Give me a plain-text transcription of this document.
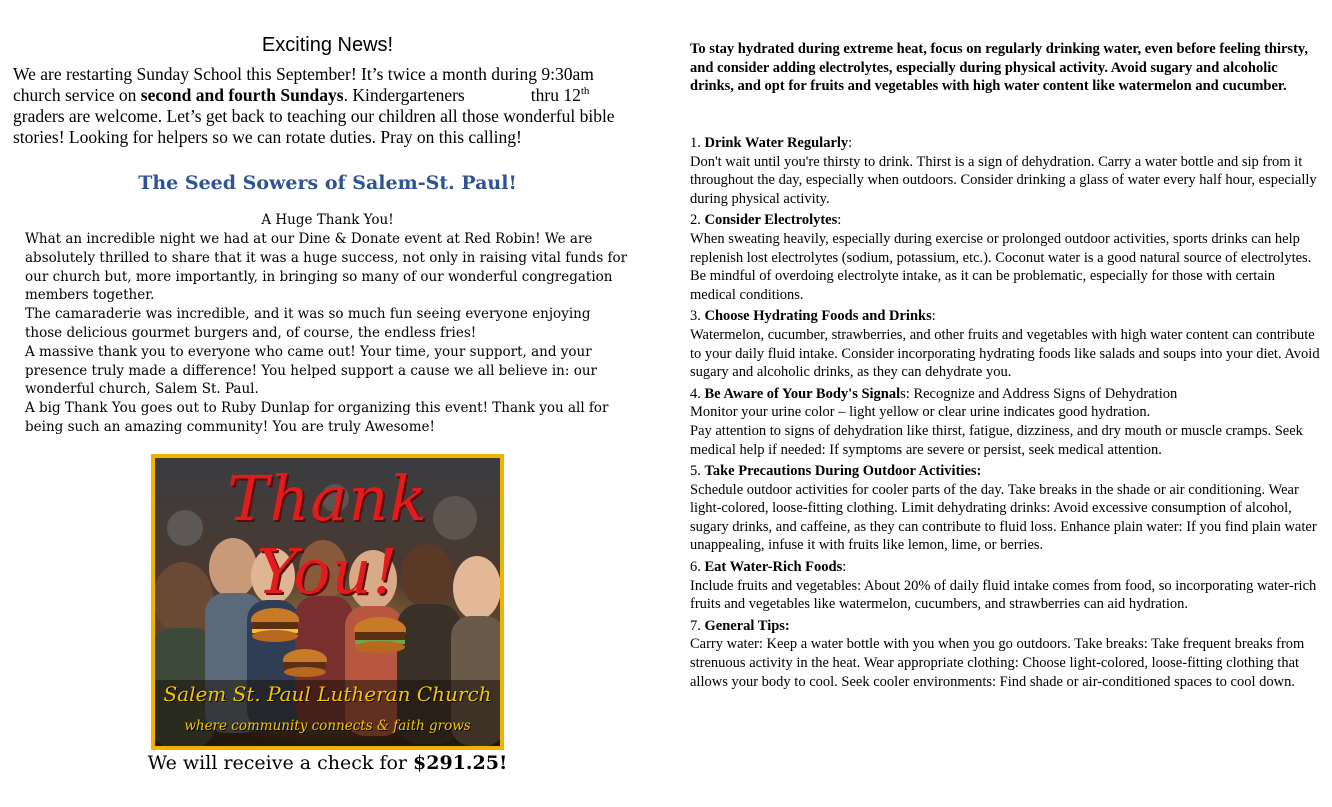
Exciting News!
We are restarting Sunday School this September! It’s twice a month during 9:30am church service on second and fourth Sundays. Kindergarteners	thru 12th graders are welcome. Let’s get back to teaching our children all those wonderful bible stories! Looking for helpers so we can rotate duties. Pray on this calling!
The Seed Sowers of Salem-St. Paul!
A Huge Thank You!

What an incredible night we had at our Dine & Donate event at Red Robin! We are absolutely thrilled to share that it was a huge success, not only in raising vital funds for our church but, more importantly, in bringing so many of our wonderful congregation members together.

The camaraderie was incredible, and it was so much fun seeing everyone enjoying those delicious gourmet burgers and, of course, the endless fries!

A massive thank you to everyone who came out! Your time, your support, and your presence truly made a difference! You helped support a cause we all believe in: our wonderful church, Salem St. Paul.

A big Thank You goes out to Ruby Dunlap for organizing this event! Thank you all for being such an amazing community! You are truly Awesome!

Thank You!
Salem St. Paul Lutheran Church
where community connects & faith grows
We will receive a check for $291.25!
To stay hydrated during extreme heat, focus on regularly drinking water, even before feeling thirsty, and consider adding electrolytes, especially during physical activity. Avoid sugary and alcoholic drinks, and opt for fruits and vegetables with high water content like watermelon and cucumber.
1. Drink Water Regularly:
Don't wait until you're thirsty to drink. Thirst is a sign of dehydration. Carry a water bottle and sip from it throughout the day, especially when outdoors. Consider drinking a glass of water every half hour, especially during physical activity.
2. Consider Electrolytes:
When sweating heavily, especially during exercise or prolonged outdoor activities, sports drinks can help replenish lost electrolytes (sodium, potassium, etc.). Coconut water is a good natural source of electrolytes. Be mindful of overdoing electrolyte intake, as it can be problematic, especially for those with certain medical conditions.
3. Choose Hydrating Foods and Drinks:
Watermelon, cucumber, strawberries, and other fruits and vegetables with high water content can contribute to your daily fluid intake. Consider incorporating hydrating foods like salads and soups into your diet. Avoid sugary and alcoholic drinks, as they can dehydrate you.
4. Be Aware of Your Body's Signals: Recognize and Address Signs of Dehydration
Monitor your urine color – light yellow or clear urine indicates good hydration.
Pay attention to signs of dehydration like thirst, fatigue, dizziness, and dry mouth or muscle cramps. Seek medical help if needed: If symptoms are severe or persist, seek medical attention.
5. Take Precautions During Outdoor Activities:
Schedule outdoor activities for cooler parts of the day. Take breaks in the shade or air conditioning. Wear light-colored, loose-fitting clothing. Limit dehydrating drinks: Avoid excessive consumption of alcohol, sugary drinks, and caffeine, as they can contribute to fluid loss. Enhance plain water: If you find plain water unappealing, infuse it with fruits like lemon, lime, or berries.
6. Eat Water-Rich Foods:
Include fruits and vegetables: About 20% of daily fluid intake comes from food, so incorporating water-rich fruits and vegetables like watermelon, cucumbers, and strawberries can aid hydration.
7. General Tips:
Carry water: Keep a water bottle with you when you go outdoors. Take breaks: Take frequent breaks from strenuous activity in the heat. Wear appropriate clothing: Choose light-colored, loose-fitting clothing that allows your body to cool. Seek cooler environments: Find shade or air-conditioned spaces to cool down.
